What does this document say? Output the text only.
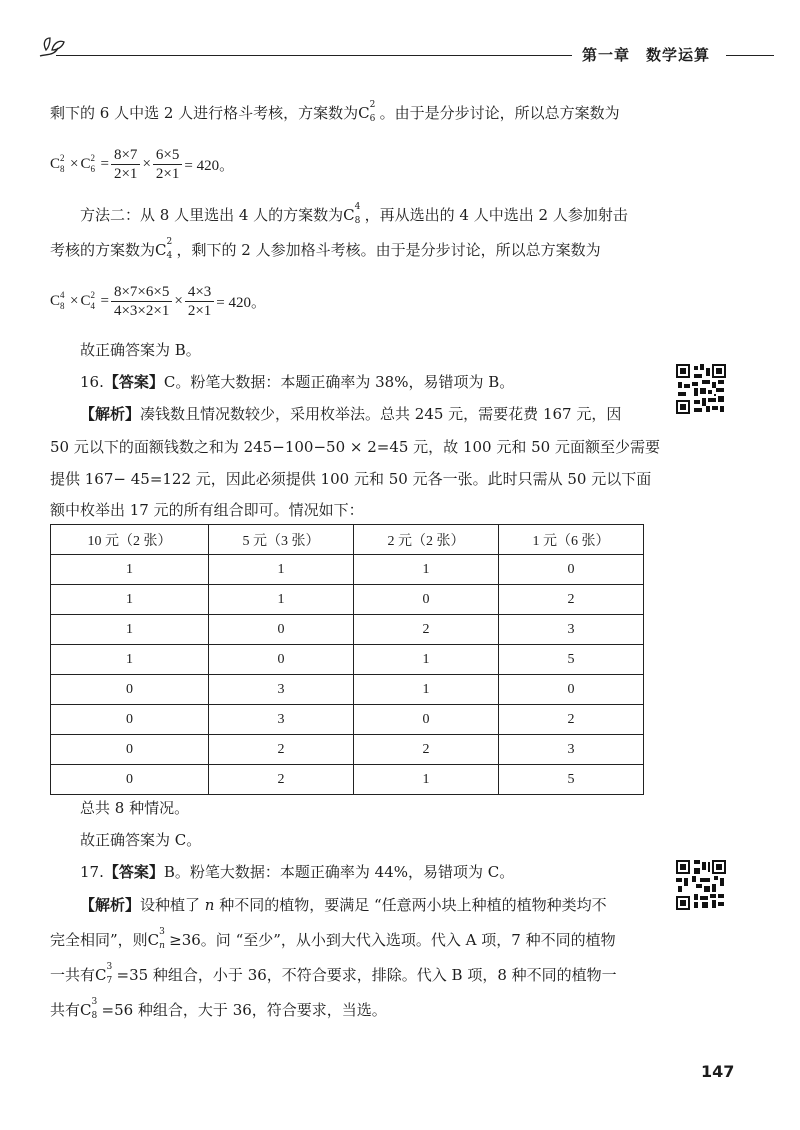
第一章　数学运算
剩下的 6 人中选 2 人进行格斗考核，方案数为C 2
6 。由于是分步讨论，所以总方案数为
C 2
8 × C 2
$6 = \frac{8\times 7}{2\times 1} \times \frac{6\times 5}{2\times 1} = 420$。
方法二：从 8 人里选出 4 人的方案数为C 4
8 ，再从选出的 4 人中选出 2 人参加射击
考核的方案数为C 2
4 ，剩下的 2 人参加格斗考核。由于是分步讨论，所以总方案数为
C 4
8 × C 2
$4 = \frac{8\times 7\times 6\times 5}{4\times 3\times 2\times 1} \times \frac{4\times 3}{2\times 1} = 420$。
故正确答案为 B。
16.【答案】C。粉笔大数据：本题正确率为 38%，易错项为 B。
【解析】凑钱数且情况数较少，采用枚举法。总共 245 元，需要花费 167 元，因
50 元以下的面额钱数之和为 245−100−50 × 2=45 元，故 100 元和 50 元面额至少需要
提供 167− 45=122 元，因此必须提供 100 元和 50 元各一张。此时只需从 50 元以下面
额中枚举出 17 元的所有组合即可。情况如下：
10 元（2 张）	5 元（3 张）	2 元（2 张）	1 元（6 张）
1	1	1	0
1	1	0	2
1	0	2	3
1	0	1	5
0	3	1	0
0	3	0	2
0	2	2	3
0	2	1	5
总共 8 种情况。
故正确答案为 C。
17.【答案】B。粉笔大数据：本题正确率为 44%，易错项为 C。
【解析】设种植了 n 种不同的植物，要满足 “任意两小块上种植的植物种类均不
完全相同”，则C 3
n ≥36。问 “至少”，从小到大代入选项。代入 A 项，7 种不同的植物
一共有C 3
7 =35 种组合，小于 36，不符合要求，排除。代入 B 项，8 种不同的植物一
共有C 3
8 =56 种组合，大于 36，符合要求，当选。
147
